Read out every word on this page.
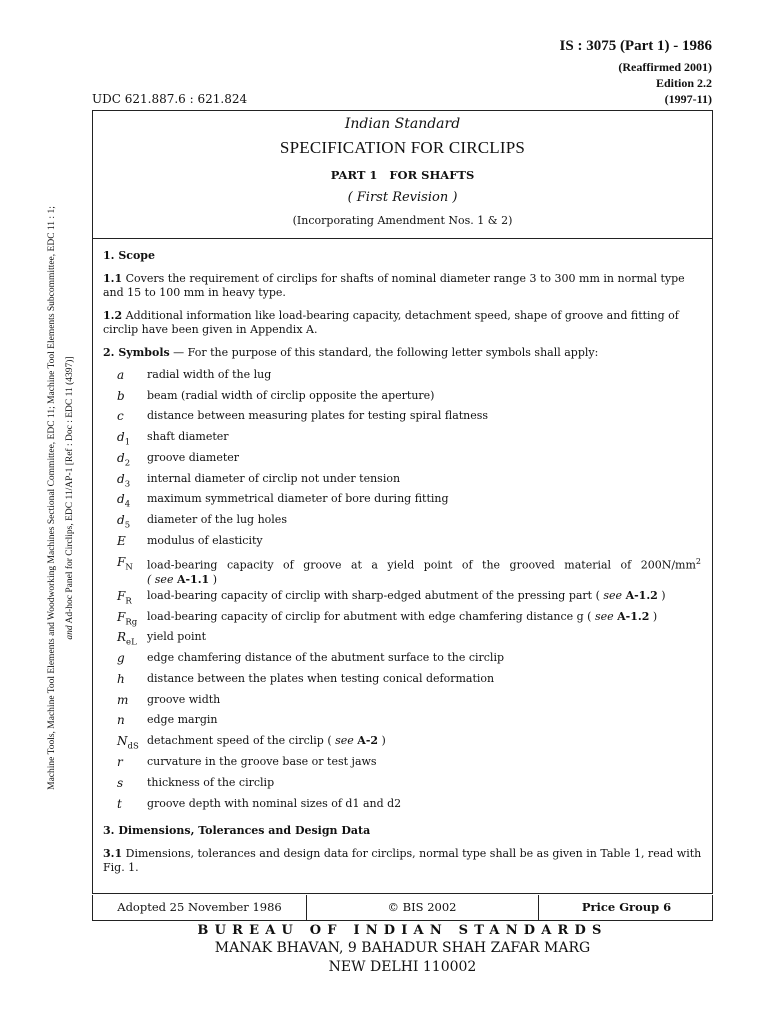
IS : 3075 (Part 1) - 1986
(Reaffirmed 2001)
Edition 2.2
(1997-11)
UDC 621.887.6 : 621.824
Indian Standard
SPECIFICATION FOR CIRCLIPS
PART 1   FOR SHAFTS
( First Revision )
(Incorporating Amendment Nos. 1 & 2)
1. Scope
1.1 Covers the requirement of circlips for shafts of nominal diameter range 3 to 300 mm in normal type and 15 to 100 mm in heavy type.
1.2 Additional information like load-bearing capacity, detachment speed, shape of groove and fitting of circlip have been given in Appendix A.
2. Symbols — For the purpose of this standard, the following letter symbols shall apply:
a radial width of the lug
b beam (radial width of circlip opposite the aperture)
c distance between measuring plates for testing spiral flatness
$d_1$ shaft diameter
$d_2$ groove diameter
$d_3$ internal diameter of circlip not under tension
$d_4$ maximum symmetrical diameter of bore during fitting
$d_5$ diameter of the lug holes
E modulus of elasticity
$F_N$ load-bearing capacity of groove at a yield point of the grooved material of $200N/mm^2$
( see A-1.1 )
$F_R$ load-bearing capacity of circlip with sharp-edged abutment of the pressing part ( see A-1.2 )
$F_{Rg}$ load-bearing capacity of circlip for abutment with edge chamfering distance g ( see A-1.2 )
$R_{eL}$ yield point
g edge chamfering distance of the abutment surface to the circlip
h distance between the plates when testing conical deformation
m groove width
n edge margin
$N_{dS}$ detachment speed of the circlip ( see A-2 )
r curvature in the groove base or test jaws
s thickness of the circlip
t groove depth with nominal sizes of d1 and d2
3. Dimensions, Tolerances and Design Data
3.1 Dimensions, tolerances and design data for circlips, normal type shall be as given in Table 1, read with Fig. 1.
Adopted 25 November 1986	© BIS 2002	Price Group 6
BUREAU OF INDIAN STANDARDS
MANAK BHAVAN, 9 BAHADUR SHAH ZAFAR MARG
NEW DELHI 110002
Machine Tools, Machine Tool Elements and Woodworking Machines Sectional Committee, EDC 11; Machine Tool Elements Subcommittee, EDC 11 : 1; and Ad-hoc Panel for Circlips, EDC 11/AP-1 [Ref : Doc : EDC 11 (4397)]
